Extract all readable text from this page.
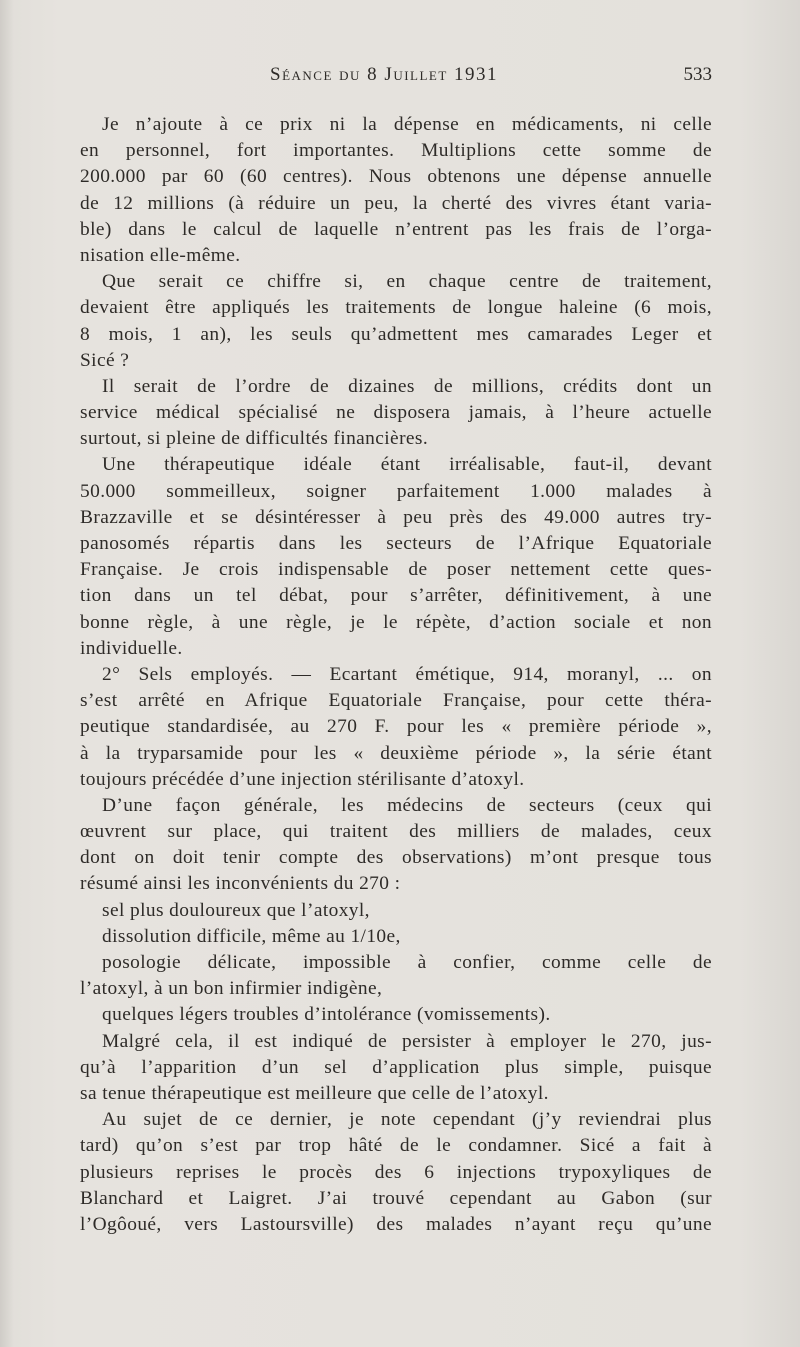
Séance du 8 Juillet 1931	533
Je n’ajoute à ce prix ni la dépense en médicaments, ni celle
en personnel, fort importantes. Multiplions cette somme de
200.000 par 60 (60 centres). Nous obtenons une dépense annuelle
de 12 millions (à réduire un peu, la cherté des vivres étant varia-
ble) dans le calcul de laquelle n’entrent pas les frais de l’orga-
nisation elle-même.
Que serait ce chiffre si, en chaque centre de traitement,
devaient être appliqués les traitements de longue haleine (6 mois,
8 mois, 1 an), les seuls qu’admettent mes camarades Leger et
Sicé ?
Il serait de l’ordre de dizaines de millions, crédits dont un
service médical spécialisé ne disposera jamais, à l’heure actuelle
surtout, si pleine de difficultés financières.
Une thérapeutique idéale étant irréalisable, faut-il, devant
50.000 sommeilleux, soigner parfaitement 1.000 malades à
Brazzaville et se désintéresser à peu près des 49.000 autres try-
panosomés répartis dans les secteurs de l’Afrique Equatoriale
Française. Je crois indispensable de poser nettement cette ques-
tion dans un tel débat, pour s’arrêter, définitivement, à une
bonne règle, à une règle, je le répète, d’action sociale et non
individuelle.
2° Sels employés. — Ecartant émétique, 914, moranyl, ... on
s’est arrêté en Afrique Equatoriale Française, pour cette théra-
peutique standardisée, au 270 F. pour les « première période »,
à la tryparsamide pour les « deuxième période », la série étant
toujours précédée d’une injection stérilisante d’atoxyl.
D’une façon générale, les médecins de secteurs (ceux qui
œuvrent sur place, qui traitent des milliers de malades, ceux
dont on doit tenir compte des observations) m’ont presque tous
résumé ainsi les inconvénients du 270 :
sel plus douloureux que l’atoxyl,
dissolution difficile, même au 1/10e,
posologie délicate, impossible à confier, comme celle de
l’atoxyl, à un bon infirmier indigène,
quelques légers troubles d’intolérance (vomissements).
Malgré cela, il est indiqué de persister à employer le 270, jus-
qu’à l’apparition d’un sel d’application plus simple, puisque
sa tenue thérapeutique est meilleure que celle de l’atoxyl.
Au sujet de ce dernier, je note cependant (j’y reviendrai plus
tard) qu’on s’est par trop hâté de le condamner. Sicé a fait à
plusieurs reprises le procès des 6 injections trypoxyliques de
Blanchard et Laigret. J’ai trouvé cependant au Gabon (sur
l’Ogôoué, vers Lastoursville) des malades n’ayant reçu qu’une
